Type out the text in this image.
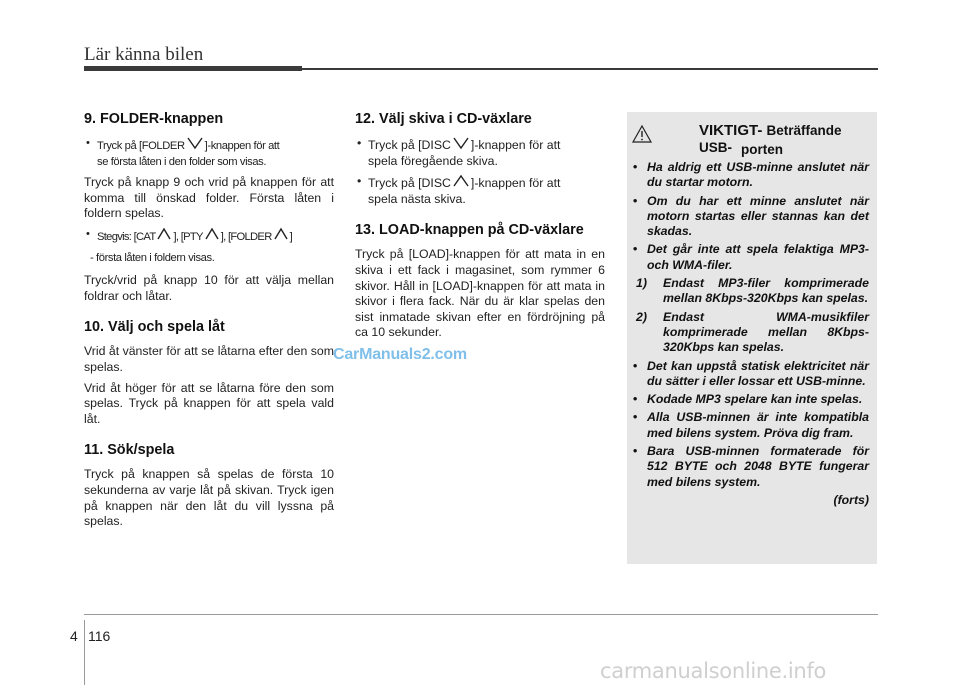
Lär känna bilen
9. FOLDER-knappen
• Tryck på [FOLDER ]-knappen för att
se första låten i den folder som visas.

Tryck på knapp 9 och vrid på knappen för att komma till önskad folder. Första låten i foldern spelas.

• Stegvis: [CAT ], [PTY ], [FOLDER ]
- första låten i foldern visas.

Tryck/vrid på knapp 10 för att välja mellan foldrar och låtar.

10. Välj och spela låt

Vrid åt vänster för att se låtarna efter den som spelas.

Vrid åt höger för att se låtarna före den som spelas. Tryck på knappen för att spela vald låt.

11. Sök/spela

Tryck på knappen så spelas de första 10 sekunderna av varje låt på skivan. Tryck igen på knappen när den låt du vill lyssna på spelas.

12. Välj skiva i CD-växlare
• Tryck på [DISC ]-knappen för att
spela föregående skiva.
• Tryck på [DISC ]-knappen för att
spela nästa skiva.
13. LOAD-knappen på CD-växlare

Tryck på [LOAD]-knappen för att mata in en skiva i ett fack i magasinet, som rymmer 6 skivor. Håll in [LOAD]-knappen för att mata in skivor i flera fack. När du är klar spelas den sist inmatade skivan efter en fördröjning på ca 10 sekunder.

VIKTIGT- Beträffande USB- porten
• Ha aldrig ett USB-minne anslutet när du startar motorn.
• Om du har ett minne anslutet när motorn startas eller stannas kan det skadas.
• Det går inte att spela felaktiga MP3- och WMA-filer.
1)	Endast MP3-filer komprimerade mellan 8Kbps-320Kbps kan spelas.
2)	Endast WMA-musikfiler komprimerade mellan 8Kbps-320Kbps kan spelas.
• Det kan uppstå statisk elektricitet när du sätter i eller lossar ett USB-minne.
• Kodade MP3 spelare kan inte spelas.
• Alla USB-minnen är inte kompatibla med bilens system. Pröva dig fram.
• Bara USB-minnen formaterade för 512 BYTE och 2048 BYTE fungerar med bilens system.
(forts)
CarManuals2.com
4 116
carmanualsonline.info
